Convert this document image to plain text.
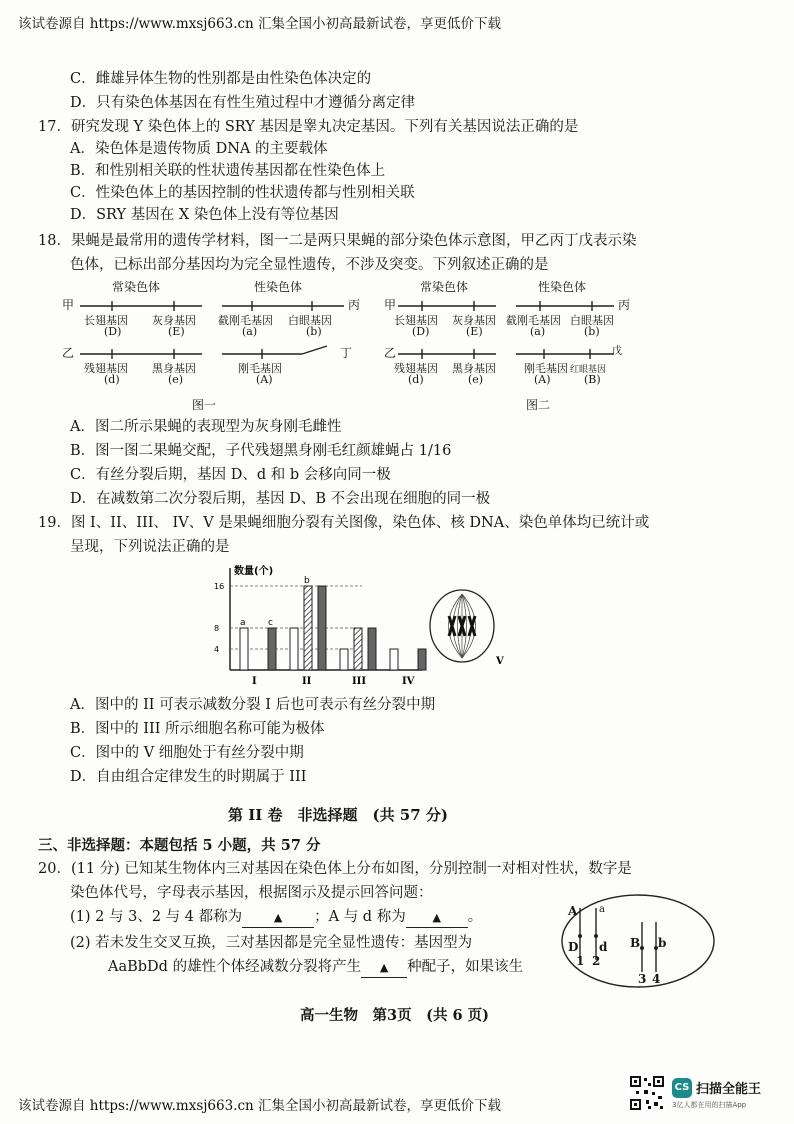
该试卷源自 https://www.mxsj663.cn 汇集全国小初高最新试卷，享更低价下载
C．雌雄异体生物的性别都是由性染色体决定的
D．只有染色体基因在有性生殖过程中才遵循分离定律
17．研究发现 Y 染色体上的 SRY 基因是睾丸决定基因。下列有关基因说法正确的是
A．染色体是遗传物质 DNA 的主要载体
B．和性别相关联的性状遗传基因都在性染色体上
C．性染色体上的基因控制的性状遗传都与性别相关联
D．SRY 基因在 X 染色体上没有等位基因
18．果蝇是最常用的遗传学材料，图一二是两只果蝇的部分染色体示意图，甲乙丙丁戊表示染
色体，已标出部分基因均为完全显性遗传，不涉及突变。下列叙述正确的是
常染色体	性染色体
甲	丙
长翅基因
(D)
灰身基因
(E)
截刚毛基因
(a)
白眼基因
(b)
乙	丁
残翅基因
(d)
黑身基因
(e)
刚毛基因
(A)
图一
常染色体	性染色体
甲	丙
长翅基因
(D)
灰身基因
(E)
截刚毛基因
(a)
白眼基因
(b)
乙	戊
残翅基因
(d)
黑身基因
(e)
刚毛基因
(A)
红眼基因
(B)
图二
A．图二所示果蝇的表现型为灰身刚毛雌性
B．图一图二果蝇交配，子代残翅黑身刚毛红颜雄蝇占 1/16
C．有丝分裂后期，基因 D、d 和 b 会移向同一极
D．在减数第二次分裂后期，基因 D、B 不会出现在细胞的同一极
19．图 I、II、III、 IV、V 是果蝇细胞分裂有关图像，染色体、核 DNA、染色单体均已统计或
呈现，下列说法正确的是
数量(个)
16
8
4
I	II	III	IV
a c
b
V
A．图中的 II 可表示减数分裂 I 后也可表示有丝分裂中期
B．图中的 III 所示细胞名称可能为极体
C．图中的 V 细胞处于有丝分裂中期
D．自由组合定律发生的时期属于 III
第 II 卷　非选择题　(共 57 分)
三、非选择题：本题包括 5 小题，共 57 分
20．(11 分) 已知某生物体内三对基因在染色体上分布如图，分别控制一对相对性状，数字是
染色体代号，字母表示基因，根据图示及提示回答问题：
(1) 2 与 3、2 与 4 都称为	▲ ；A 与 d 称为 ▲ 。
(2) 若未发生交叉互换，三对基因都是完全显性遗传：基因型为
AaBbDd 的雄性个体经减数分裂将产生 ▲ 种配子，如果该生
A a
D d B b
1 2
3 4
高一生物　第3页　(共 6 页)
该试卷源自 https://www.mxsj663.cn 汇集全国小初高最新试卷，享更低价下载
CS 扫描全能王
3亿人都在用的扫描App
